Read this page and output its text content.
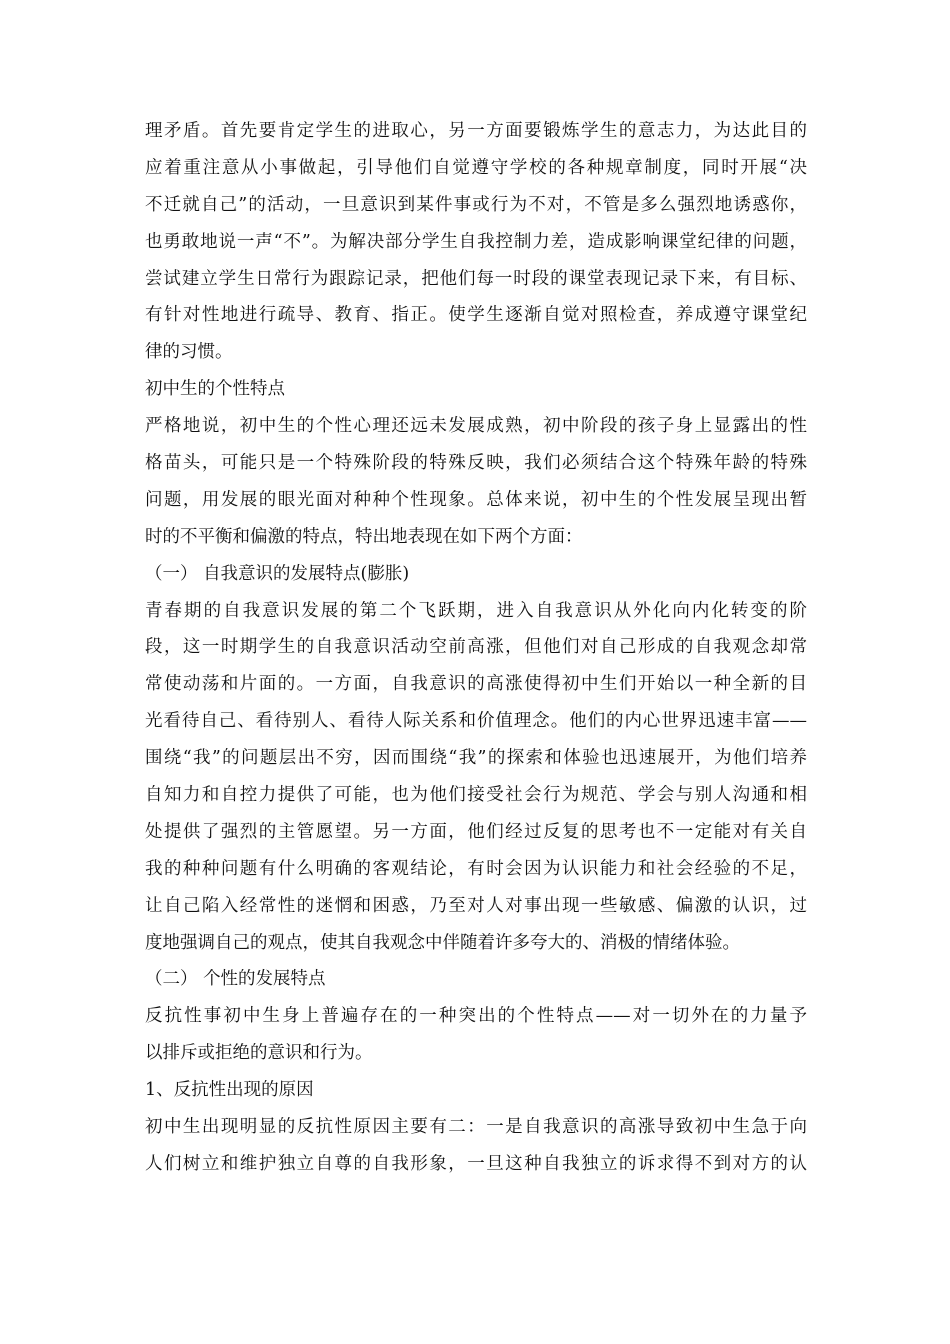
理矛盾。首先要肯定学生的进取心，另一方面要锻炼学生的意志力，为达此目的
应着重注意从小事做起，引导他们自觉遵守学校的各种规章制度，同时开展“决
不迁就自己”的活动，一旦意识到某件事或行为不对，不管是多么强烈地诱惑你，
也勇敢地说一声“不”。为解决部分学生自我控制力差，造成影响课堂纪律的问题，
尝试建立学生日常行为跟踪记录，把他们每一时段的课堂表现记录下来，有目标、
有针对性地进行疏导、教育、指正。使学生逐渐自觉对照检查，养成遵守课堂纪
律的习惯。
初中生的个性特点
严格地说，初中生的个性心理还远未发展成熟，初中阶段的孩子身上显露出的性
格苗头，可能只是一个特殊阶段的特殊反映，我们必须结合这个特殊年龄的特殊
问题，用发展的眼光面对种种个性现象。总体来说，初中生的个性发展呈现出暂
时的不平衡和偏激的特点，特出地表现在如下两个方面：
（一） 自我意识的发展特点(膨胀)
青春期的自我意识发展的第二个飞跃期，进入自我意识从外化向内化转变的阶
段，这一时期学生的自我意识活动空前高涨，但他们对自己形成的自我观念却常
常使动荡和片面的。一方面，自我意识的高涨使得初中生们开始以一种全新的目
光看待自己、看待别人、看待人际关系和价值理念。他们的内心世界迅速丰富——
围绕“我”的问题层出不穷，因而围绕“我”的探索和体验也迅速展开，为他们培养
自知力和自控力提供了可能，也为他们接受社会行为规范、学会与别人沟通和相
处提供了强烈的主管愿望。另一方面，他们经过反复的思考也不一定能对有关自
我的种种问题有什么明确的客观结论，有时会因为认识能力和社会经验的不足，
让自己陷入经常性的迷惘和困惑，乃至对人对事出现一些敏感、偏激的认识，过
度地强调自己的观点，使其自我观念中伴随着许多夸大的、消极的情绪体验。
（二） 个性的发展特点
反抗性事初中生身上普遍存在的一种突出的个性特点——对一切外在的力量予
以排斥或拒绝的意识和行为。
1、反抗性出现的原因
初中生出现明显的反抗性原因主要有二：一是自我意识的高涨导致初中生急于向
人们树立和维护独立自尊的自我形象，一旦这种自我独立的诉求得不到对方的认
